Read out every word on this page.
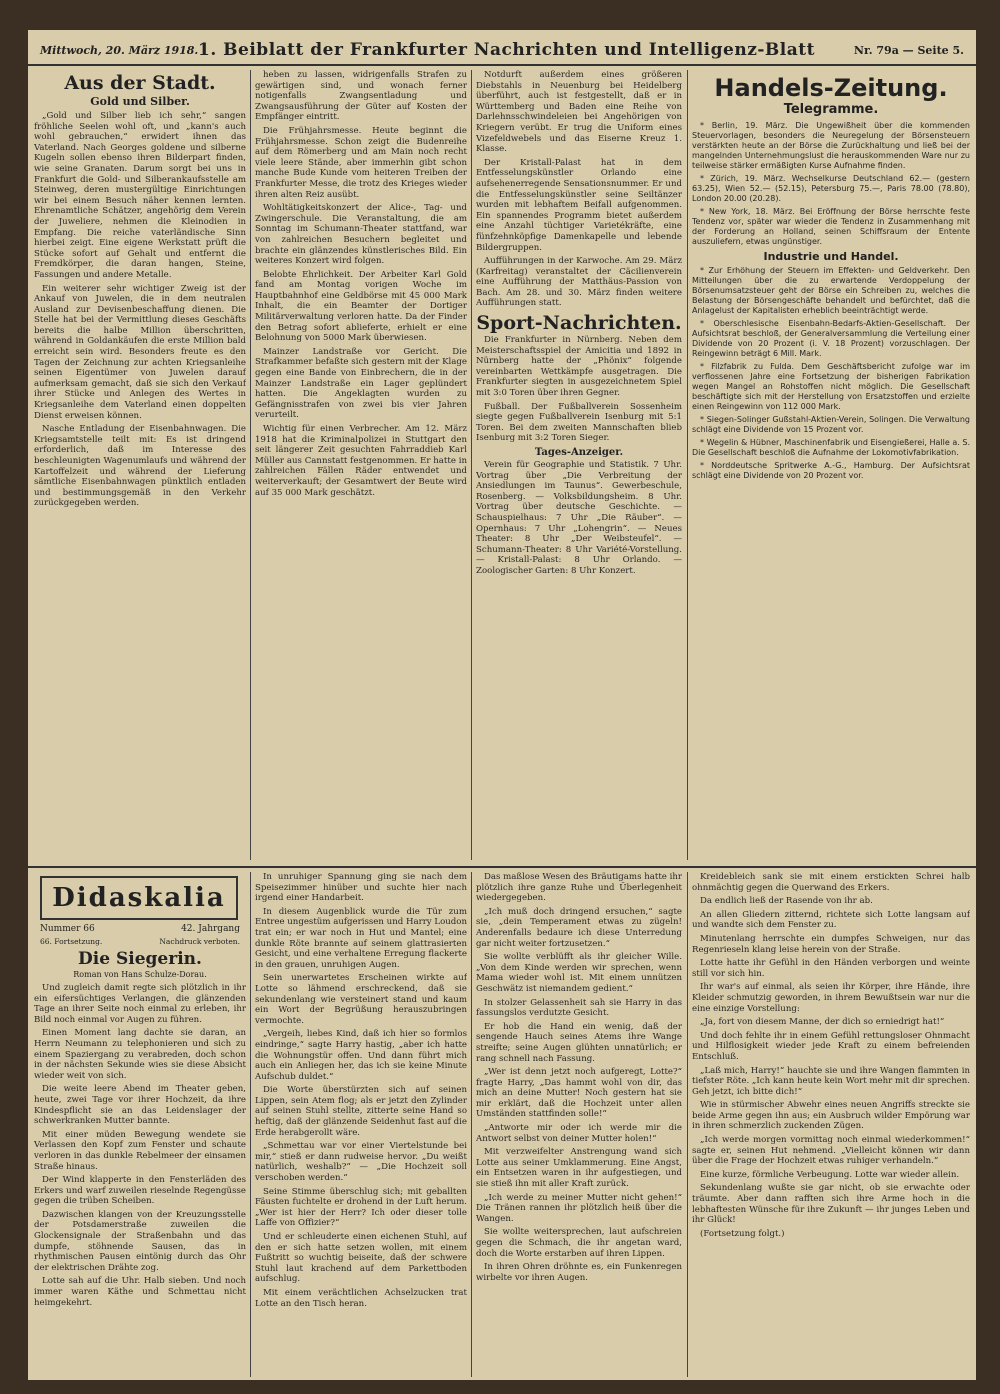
Mittwoch, 20. März 1918. 1. Beiblatt der Frankfurter Nachrichten und Intelligenz-Blatt	Nr. 79a — Seite 5.
Aus der Stadt.
Gold und Silber.

„Gold und Silber lieb ich sehr,“ sangen fröhliche Seelen wohl oft, und „kann's auch wohl gebrauchen,“ erwidert ihnen das Vaterland. Nach Georges goldene und silberne Kugeln sollen ebenso ihren Bilderpart finden, wie seine Granaten. Darum sorgt bei uns in Frankfurt die Gold- und Silberankaufsstelle am Steinweg, deren mustergültige Einrichtungen wir bei einem Besuch näher kennen lernten. Ehrenamtliche Schätzer, angehörig dem Verein der Juweliere, nehmen die Kleinodien in Empfang. Die reiche vaterländische Sinn hierbei zeigt. Eine eigene Werkstatt prüft die Stücke sofort auf Gehalt und entfernt die Fremdkörper, die daran hangen, Steine, Fassungen und andere Metalle.

Ein weiterer sehr wichtiger Zweig ist der Ankauf von Juwelen, die in dem neutralen Ausland zur Devisenbeschaffung dienen. Die Stelle hat bei der Vermittlung dieses Geschäfts bereits die halbe Million überschritten, während in Goldankäufen die erste Million bald erreicht sein wird. Besonders freute es den Tagen der Zeichnung zur achten Kriegsanleihe seinen Eigentümer von Juwelen darauf aufmerksam gemacht, daß sie sich den Verkauf ihrer Stücke und Anlegen des Wertes in Kriegsanleihe dem Vaterland einen doppelten Dienst erweisen können.

Nasche Entladung der Eisenbahnwagen. Die Kriegsamtstelle teilt mit: Es ist dringend erforderlich, daß im Interesse des beschleunigten Wagenumlaufs und während der Kartoffelzeit und während der Lieferung sämtliche Eisenbahnwagen pünktlich entladen und bestimmungsgemäß in den Verkehr zurückgegeben werden.

heben zu lassen, widrigenfalls Strafen zu gewärtigen sind, und wonach ferner notigenfalls Zwangsentladung und Zwangsausführung der Güter auf Kosten der Empfänger eintritt.

Die Frühjahrsmesse. Heute beginnt die Frühjahrsmesse. Schon zeigt die Budenreihe auf dem Römerberg und am Main noch recht viele leere Stände, aber immerhin gibt schon manche Bude Kunde vom heiteren Treiben der Frankfurter Messe, die trotz des Krieges wieder ihren alten Reiz ausübt.

Wohltätigkeitskonzert der Alice-, Tag- und Zwingerschule. Die Veranstaltung, die am Sonntag im Schumann-Theater stattfand, war von zahlreichen Besuchern begleitet und brachte ein glänzendes künstlerisches Bild. Ein weiteres Konzert wird folgen.

Belobte Ehrlichkeit. Der Arbeiter Karl Gold fand am Montag vorigen Woche im Hauptbahnhof eine Geldbörse mit 45 000 Mark Inhalt, die ein Beamter der Dortiger Militärverwaltung verloren hatte. Da der Finder den Betrag sofort ablieferte, erhielt er eine Belohnung von 5000 Mark überwiesen.

Mainzer Landstraße vor Gericht. Die Strafkammer befaßte sich gestern mit der Klage gegen eine Bande von Einbrechern, die in der Mainzer Landstraße ein Lager geplündert hatten. Die Angeklagten wurden zu Gefängnisstrafen von zwei bis vier Jahren verurteilt.

Wichtig für einen Verbrecher. Am 12. März 1918 hat die Kriminalpolizei in Stuttgart den seit längerer Zeit gesuchten Fahrraddieb Karl Müller aus Cannstatt festgenommen. Er hatte in zahlreichen Fällen Räder entwendet und weiterverkauft; der Gesamtwert der Beute wird auf 35 000 Mark geschätzt.

Notdurft außerdem eines größeren Diebstahls in Neuenburg bei Heidelberg überführt, auch ist festgestellt, daß er in Württemberg und Baden eine Reihe von Darlehnsschwindeleien bei Angehörigen von Kriegern verübt. Er trug die Uniform eines Vizefeldwebels und das Eiserne Kreuz 1. Klasse.

Der Kristall-Palast hat in dem Entfesselungskünstler Orlando eine aufsehenerregende Sensationsnummer. Er und die Entfesselungskünstler seine Seiltänzer wurden mit lebhaftem Beifall aufgenommen. Ein spannendes Programm bietet außerdem eine Anzahl tüchtiger Varietékräfte, eine fünfzehnköpfige Damenkapelle und lebende Bildergruppen.

Aufführungen in der Karwoche. Am 29. März (Karfreitag) veranstaltet der Cäcilienverein eine Aufführung der Matthäus-Passion von Bach. Am 28. und 30. März finden weitere Aufführungen statt.

Sport-Nachrichten.

Die Frankfurter in Nürnberg. Neben dem Meisterschaftsspiel der Amicitia und 1892 in Nürnberg hatte der „Phönix“ folgende vereinbarten Wettkämpfe ausgetragen. Die Frankfurter siegten in ausgezeichnetem Spiel mit 3:0 Toren über ihren Gegner.

Fußball. Der Fußballverein Sossenheim siegte gegen Fußballverein Isenburg mit 5:1 Toren. Bei dem zweiten Mannschaften blieb Isenburg mit 3:2 Toren Sieger.

Tages-Anzeiger.

Verein für Geographie und Statistik. 7 Uhr. Vortrag über „Die Verbreitung der Ansiedlungen im Taunus“. Gewerbeschule, Rosenberg. — Volksbildungsheim. 8 Uhr. Vortrag über deutsche Geschichte. — Schauspielhaus: 7 Uhr „Die Räuber“. — Opernhaus: 7 Uhr „Lohengrin“. — Neues Theater: 8 Uhr „Der Weibsteufel“. — Schumann-Theater: 8 Uhr Variété-Vorstellung. — Kristall-Palast: 8 Uhr Orlando. — Zoologischer Garten: 8 Uhr Konzert.

Handels-Zeitung.
Telegramme.

* Berlin, 19. März. Die Ungewißheit über die kommenden Steuervorlagen, besonders die Neuregelung der Börsensteuern verstärkten heute an der Börse die Zurückhaltung und ließ bei der mangelnden Unternehmungslust die herauskommenden Ware nur zu teilweise stärker ermäßigten Kurse Aufnahme finden.

* Zürich, 19. März. Wechselkurse Deutschland 62.— (gestern 63.25), Wien 52.— (52.15), Petersburg 75.—, Paris 78.00 (78.80), London 20.00 (20.28).

* New York, 18. März. Bei Eröffnung der Börse herrschte feste Tendenz vor, später war wieder die Tendenz in Zusammenhang mit der Forderung an Holland, seinen Schiffsraum der Entente auszuliefern, etwas ungünstiger.

Industrie und Handel.

* Zur Erhöhung der Steuern im Effekten- und Geldverkehr. Den Mitteilungen über die zu erwartende Verdoppelung der Börsenumsatzsteuer geht der Börse ein Schreiben zu, welches die Belastung der Börsengeschäfte behandelt und befürchtet, daß die Anlagelust der Kapitalisten erheblich beeinträchtigt werde.

* Oberschlesische Eisenbahn-Bedarfs-Aktien-Gesellschaft. Der Aufsichtsrat beschloß, der Generalversammlung die Verteilung einer Dividende von 20 Prozent (i. V. 18 Prozent) vorzuschlagen. Der Reingewinn beträgt 6 Mill. Mark.

* Filzfabrik zu Fulda. Dem Geschäftsbericht zufolge war im verflossenen Jahre eine Fortsetzung der bisherigen Fabrikation wegen Mangel an Rohstoffen nicht möglich. Die Gesellschaft beschäftigte sich mit der Herstellung von Ersatzstoffen und erzielte einen Reingewinn von 112 000 Mark.

* Siegen-Solinger Gußstahl-Aktien-Verein, Solingen. Die Verwaltung schlägt eine Dividende von 15 Prozent vor.

* Wegelin & Hübner, Maschinenfabrik und Eisengießerei, Halle a. S. Die Gesellschaft beschloß die Aufnahme der Lokomotivfabrikation.

* Norddeutsche Spritwerke A.-G., Hamburg. Der Aufsichtsrat schlägt eine Dividende von 20 Prozent vor.

Didaskalia
Nummer 66	42. Jahrgang
66. Fortsetzung.	Nachdruck verboten.
Die Siegerin.
Roman von Hans Schulze-Dorau.

Und zugleich damit regte sich plötzlich in ihr ein eifersüchtiges Verlangen, die glänzenden Tage an ihrer Seite noch einmal zu erleben, ihr Bild noch einmal vor Augen zu führen.

Einen Moment lang dachte sie daran, an Herrn Neumann zu telephonieren und sich zu einem Spaziergang zu verabreden, doch schon in der nächsten Sekunde wies sie diese Absicht wieder weit von sich.

Die weite leere Abend im Theater geben, heute, zwei Tage vor ihrer Hochzeit, da ihre Kindespflicht sie an das Leidenslager der schwerkranken Mutter bannte.

Mit einer müden Bewegung wendete sie Verlassen den Kopf zum Fenster und schaute verloren in das dunkle Rebelmeer der einsamen Straße hinaus.

Der Wind klapperte in den Fensterläden des Erkers und warf zuweilen rieselnde Regengüsse gegen die trüben Scheiben.

Dazwischen klangen von der Kreuzungsstelle der Potsdamerstraße zuweilen die Glockensignale der Straßenbahn und das dumpfe, stöhnende Sausen, das in rhythmischen Pausen eintönig durch das Ohr der elektrischen Drähte zog.

Lotte sah auf die Uhr. Halb sieben. Und noch immer waren Käthe und Schmettau nicht heimgekehrt.

In unruhiger Spannung ging sie nach dem Speisezimmer hinüber und suchte hier nach irgend einer Handarbeit.

In diesem Augenblick wurde die Tür zum Entree ungestüm aufgerissen und Harry Loudon trat ein; er war noch in Hut und Mantel; eine dunkle Röte brannte auf seinem glattrasierten Gesicht, und eine verhaltene Erregung flackerte in den grauen, unruhigen Augen.

Sein unerwartetes Erscheinen wirkte auf Lotte so lähmend erschreckend, daß sie sekundenlang wie versteinert stand und kaum ein Wort der Begrüßung herauszubringen vermochte.

„Vergeih, liebes Kind, daß ich hier so formlos eindringe,“ sagte Harry hastig, „aber ich hatte die Wohnungstür offen. Und dann führt mich auch ein Anliegen her, das ich sie keine Minute Aufschub duldet.“

Die Worte überstürzten sich auf seinen Lippen, sein Atem flog; als er jetzt den Zylinder auf seinen Stuhl stellte, zitterte seine Hand so heftig, daß der glänzende Seidenhut fast auf die Erde herabgerollt wäre.

„Schmettau war vor einer Viertelstunde bei mir,“ stieß er dann rudweise hervor. „Du weißt natürlich, weshalb?“ — „Die Hochzeit soll verschoben werden.“

Seine Stimme überschlug sich; mit geballten Fäusten fuchtelte er drohend in der Luft herum. „Wer ist hier der Herr? Ich oder dieser tolle Laffe von Offizier?“

Und er schleuderte einen eichenen Stuhl, auf den er sich hatte setzen wollen, mit einem Fußtritt so wuchtig beiseite, daß der schwere Stuhl laut krachend auf dem Parkettboden aufschlug.

Mit einem verächtlichen Achselzucken trat Lotte an den Tisch heran.

Das maßlose Wesen des Bräutigams hatte ihr plötzlich ihre ganze Ruhe und Überlegenheit wiedergegeben.

„Ich muß doch dringend ersuchen,“ sagte sie, „dein Temperament etwas zu zügeln! Anderenfalls bedaure ich diese Unterredung gar nicht weiter fortzusetzen.“

Sie wollte verblüfft als ihr gleicher Wille. „Von dem Kinde werden wir sprechen, wenn Mama wieder wohl ist. Mit einem unnützen Geschwätz ist niemandem gedient.“

In stolzer Gelassenheit sah sie Harry in das fassungslos verdutzte Gesicht.

Er hob die Hand ein wenig, daß der sengende Hauch seines Atems ihre Wange streifte; seine Augen glühten unnatürlich; er rang schnell nach Fassung.

„Wer ist denn jetzt noch aufgeregt, Lotte?“ fragte Harry, „Das hammt wohl von dir, das mich an deine Mutter! Noch gestern hat sie mir erklärt, daß die Hochzeit unter allen Umständen stattfinden solle!“

„Antworte mir oder ich werde mir die Antwort selbst von deiner Mutter holen!“

Mit verzweifelter Anstrengung wand sich Lotte aus seiner Umklammerung. Eine Angst, ein Entsetzen waren in ihr aufgestiegen, und sie stieß ihn mit aller Kraft zurück.

„Ich werde zu meiner Mutter nicht gehen!“ Die Tränen rannen ihr plötzlich heiß über die Wangen.

Sie wollte weitersprechen, laut aufschreien gegen die Schmach, die ihr angetan ward, doch die Worte erstarben auf ihren Lippen.

In ihren Ohren dröhnte es, ein Funkenregen wirbelte vor ihren Augen.

Kreidebleich sank sie mit einem erstickten Schrei halb ohnmächtig gegen die Querwand des Erkers.

Da endlich ließ der Rasende von ihr ab.

An allen Gliedern zitternd, richtete sich Lotte langsam auf und wandte sich dem Fenster zu.

Minutenlang herrschte ein dumpfes Schweigen, nur das Regenrieseln klang leise herein von der Straße.

Lotte hatte ihr Gefühl in den Händen verborgen und weinte still vor sich hin.

Ihr war's auf einmal, als seien ihr Körper, ihre Hände, ihre Kleider schmutzig geworden, in ihrem Bewußtsein war nur die eine einzige Vorstellung:

„Ja, fort von diesem Manne, der dich so erniedrigt hat!“

Und doch fehlte ihr in einem Gefühl rettungsloser Ohnmacht und Hilflosigkeit wieder jede Kraft zu einem befreienden Entschluß.

„Laß mich, Harry!“ hauchte sie und ihre Wangen flammten in tiefster Röte. „Ich kann heute kein Wort mehr mit dir sprechen. Geh jetzt, ich bitte dich!“

Wie in stürmischer Abwehr eines neuen Angriffs streckte sie beide Arme gegen ihn aus; ein Ausbruch wilder Empörung war in ihren schmerzlich zuckenden Zügen.

„Ich werde morgen vormittag noch einmal wiederkommen!“ sagte er, seinen Hut nehmend. „Vielleicht können wir dann über die Frage der Hochzeit etwas ruhiger verhandeln.“

Eine kurze, förmliche Verbeugung. Lotte war wieder allein.

Sekundenlang wußte sie gar nicht, ob sie erwachte oder träumte. Aber dann rafften sich ihre Arme hoch in die lebhaftesten Wünsche für ihre Zukunft — ihr junges Leben und ihr Glück!

(Fortsetzung folgt.)
